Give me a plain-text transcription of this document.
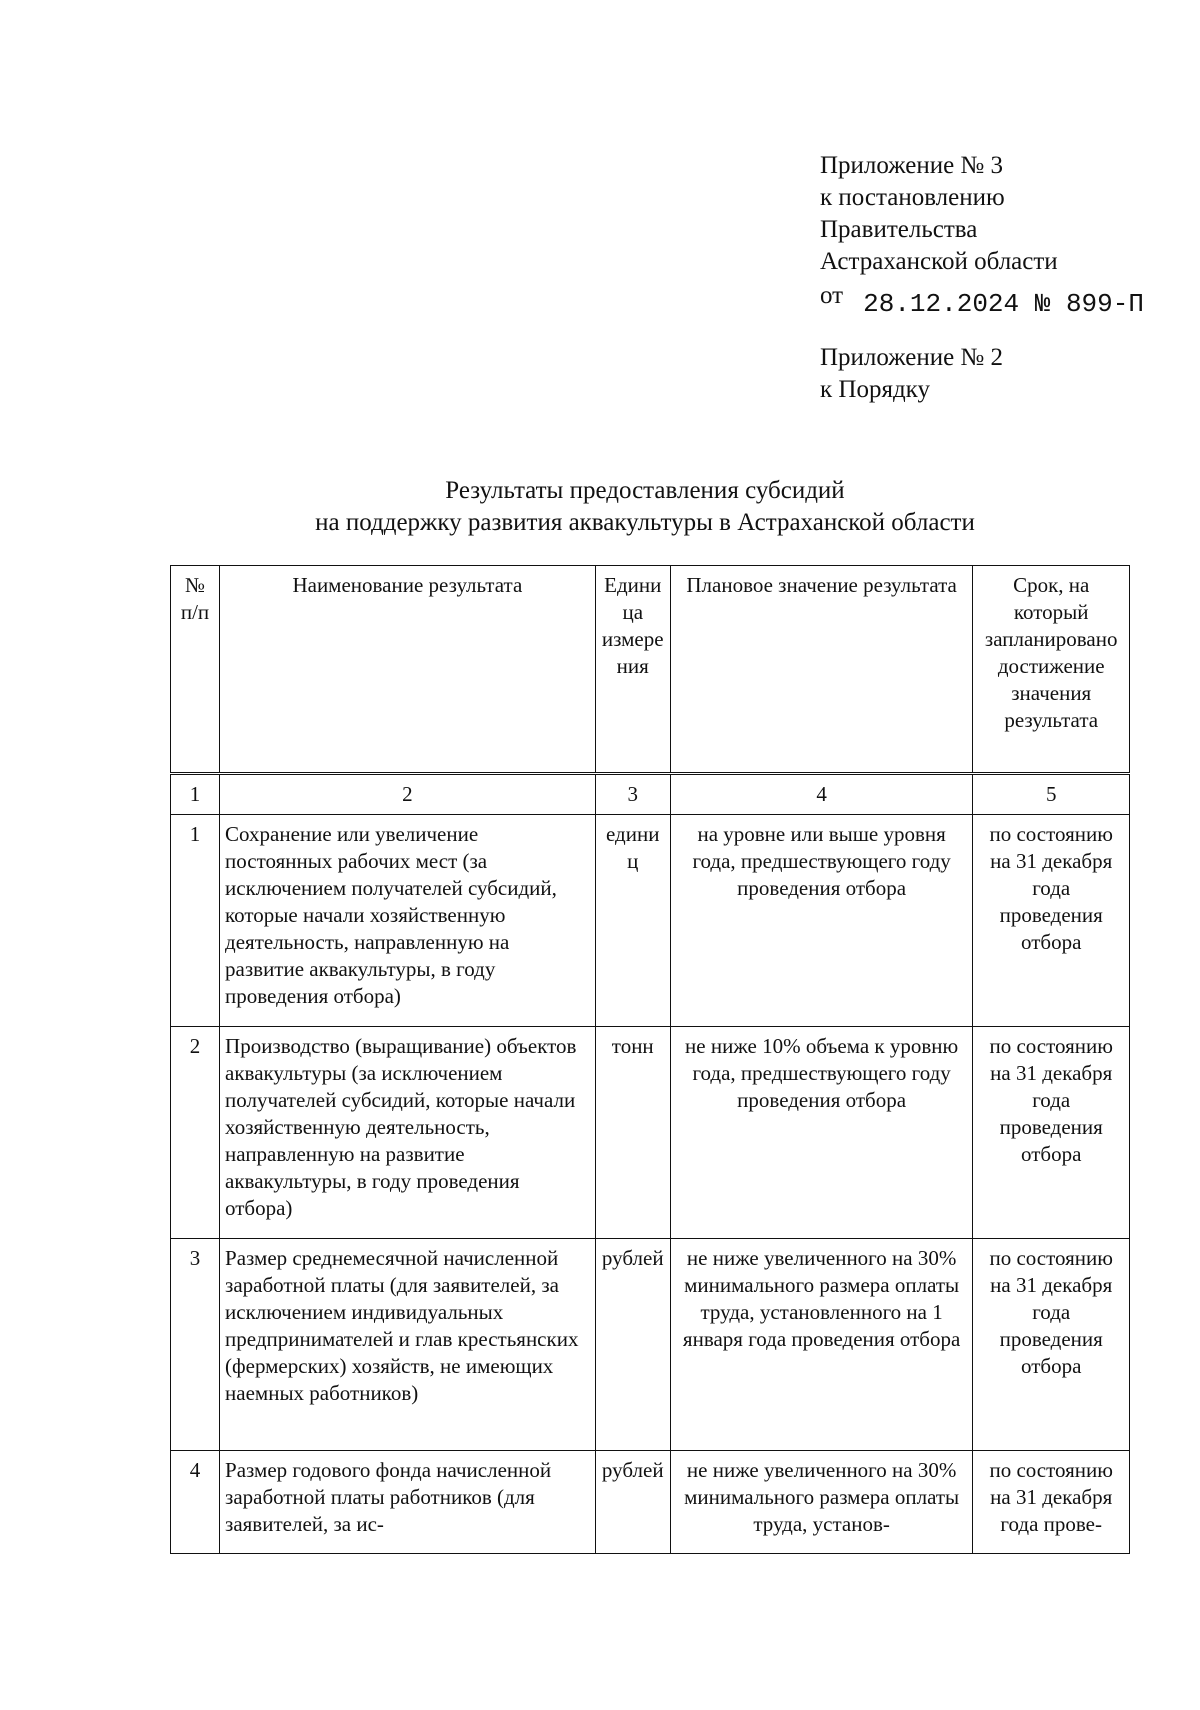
Приложение № 3
к постановлению
Правительства
Астраханской области
от 28.12.2024 № 899-П
Приложение № 2
к Порядку
Результаты предоставления субсидий
на поддержку развития аквакультуры в Астраханской области
№ п/п	Наименование результата	Единица измерения	Плановое значение результата	Срок, на который запланировано достижение значения результата
1	2	3	4	5
1	Сохранение или увеличение постоянных рабочих мест (за исключением получателей субсидий, которые начали хозяйственную деятельность, направленную на развитие аквакультуры, в году проведения отбора)	единиц	на уровне или выше уровня года, предшествующего году проведения отбора	по состоянию на 31 декабря года проведения отбора
2	Производство (выращивание) объектов аквакультуры (за исключением получателей субсидий, которые начали хозяйственную деятельность, направленную на развитие аквакультуры, в году проведения отбора)	тонн	не ниже 10% объема к уровню года, предшествующего году проведения отбора	по состоянию на 31 декабря года проведения отбора
3	Размер среднемесячной начисленной заработной платы (для заявителей, за исключением индивидуальных предпринимателей и глав крестьянских (фермерских) хозяйств, не имеющих наемных работников)	рублей	не ниже увеличенного на 30% минимального размера оплаты труда, установленного на 1 января года проведения отбора	по состоянию на 31 декабря года проведения отбора
4	Размер годового фонда начисленной заработной платы работников (для заявителей, за ис-	рублей	не ниже увеличенного на 30% минимального размера оплаты труда, установ-	по состоянию на 31 декабря года прове-
